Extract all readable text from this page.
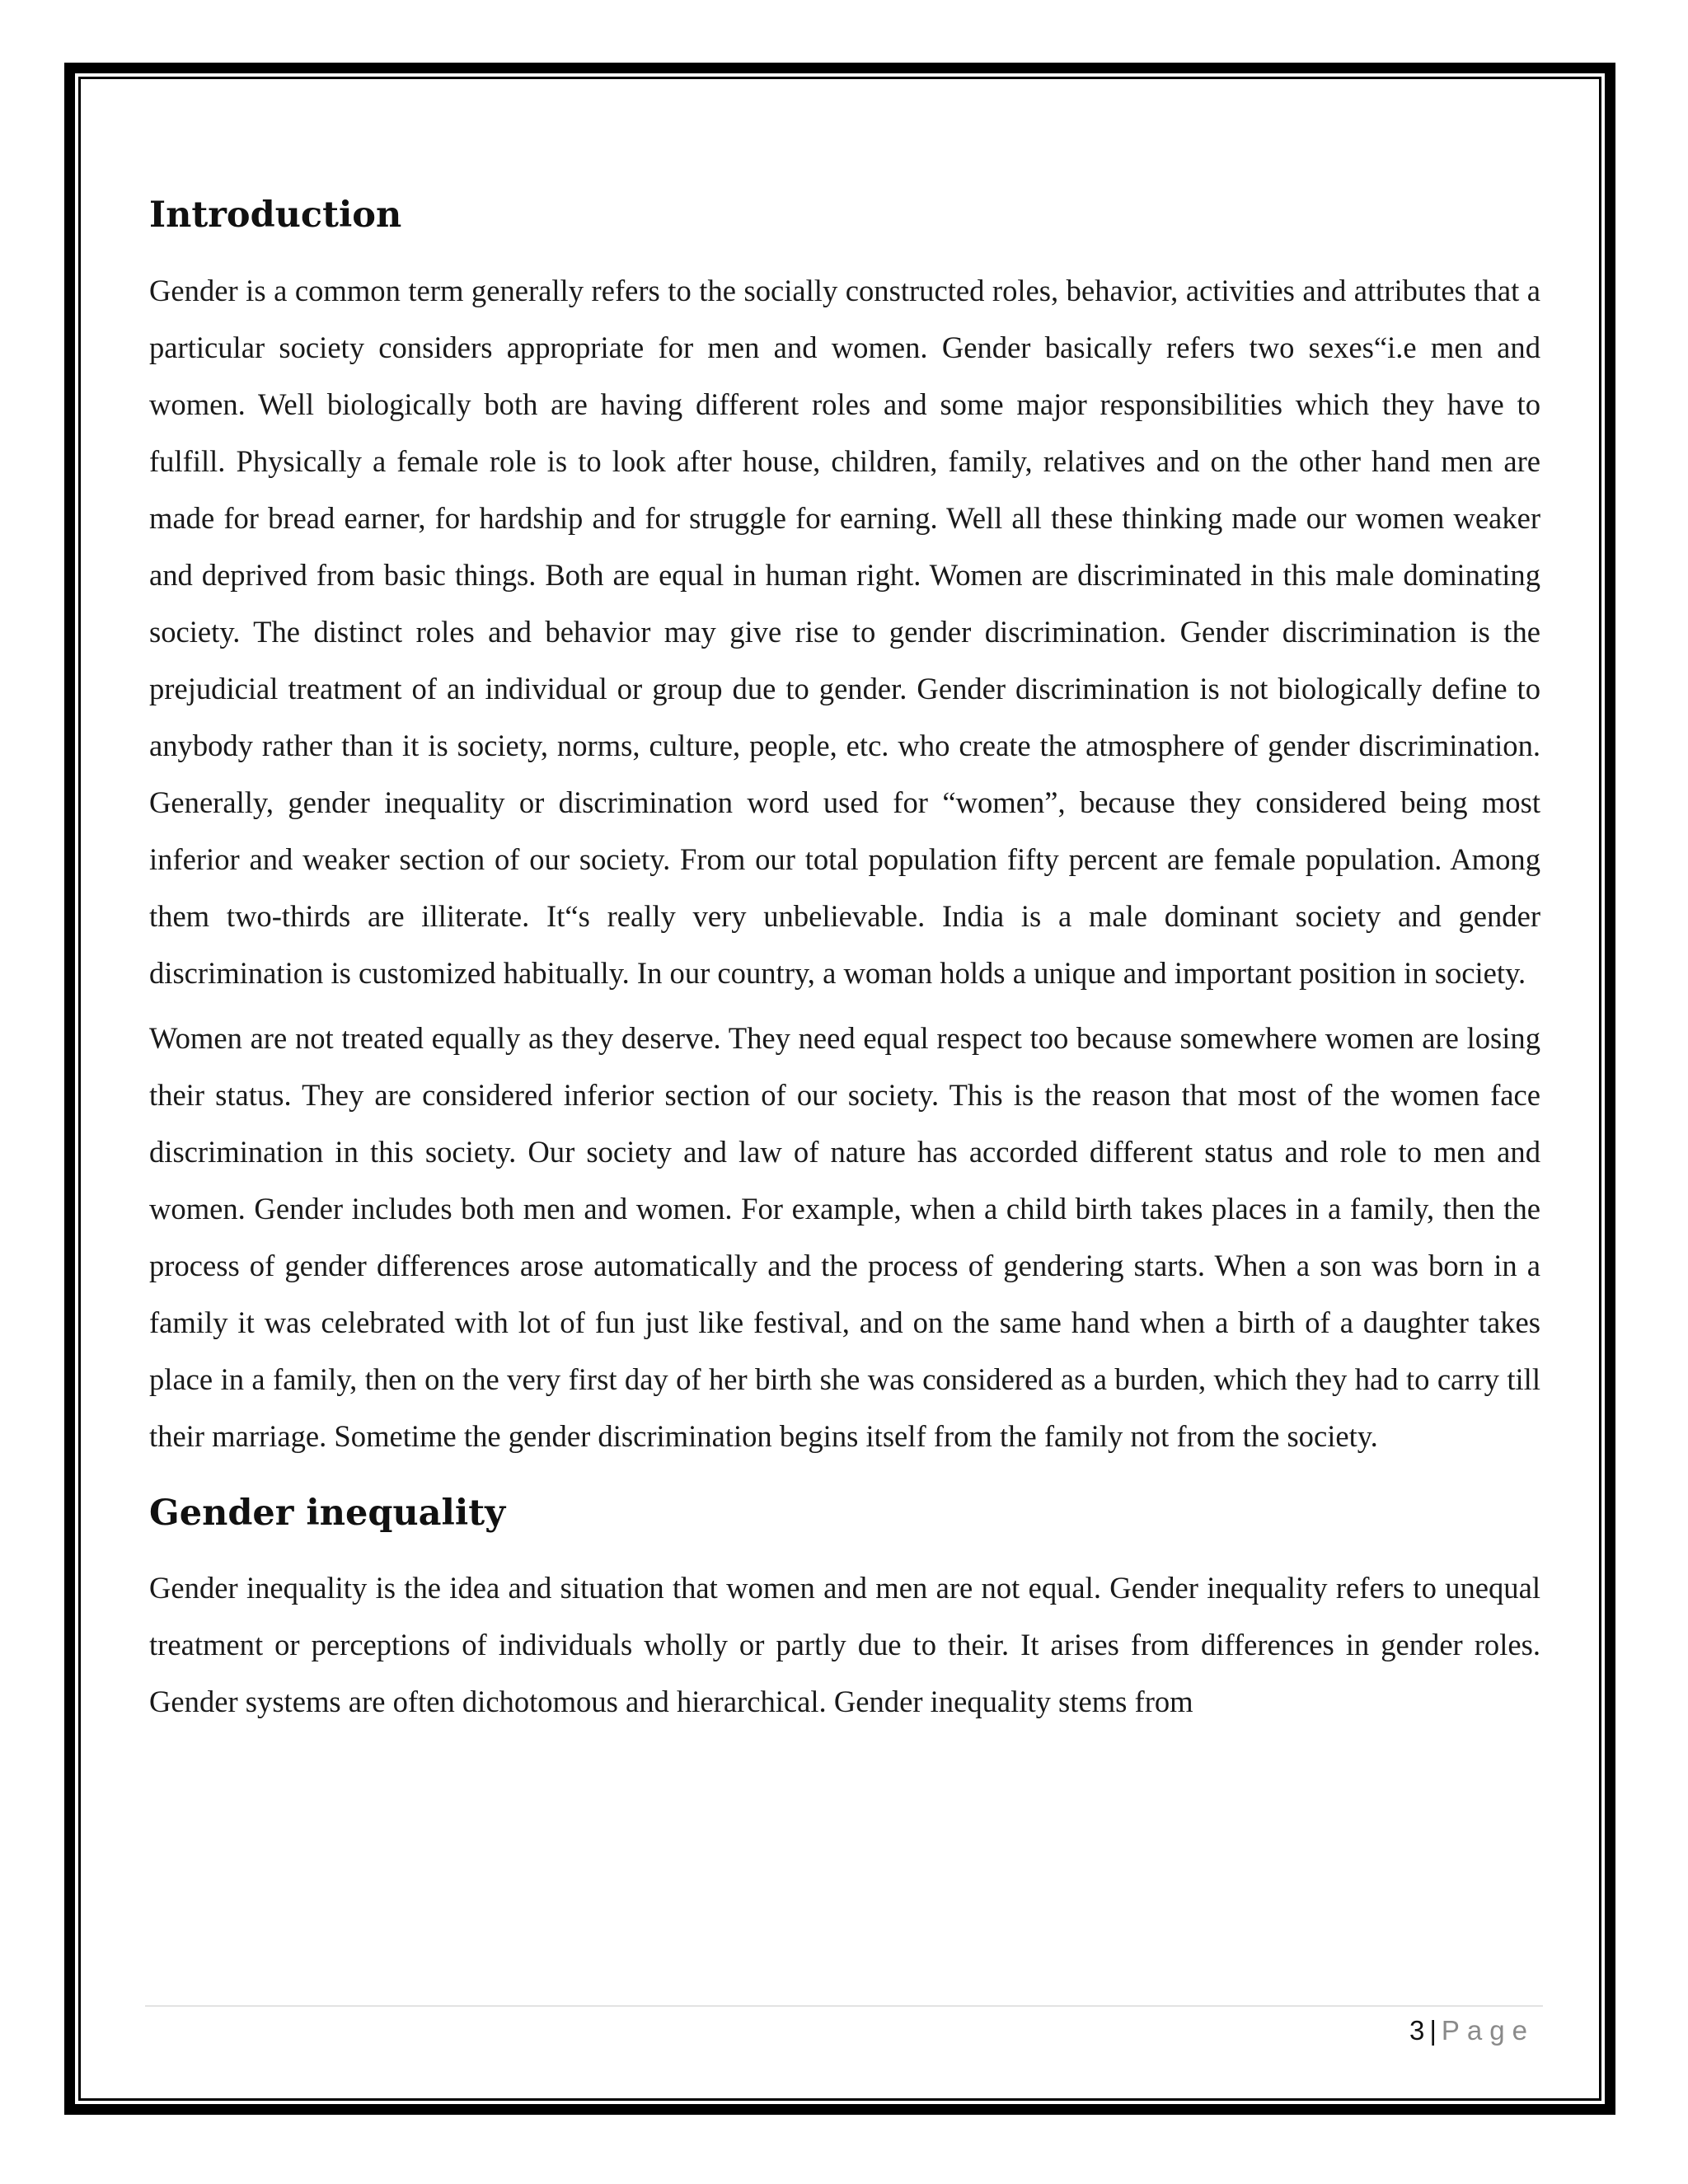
Introduction

Gender is a common term generally refers to the socially constructed roles, behavior, activities and attributes that a particular society considers appropriate for men and women. Gender basically refers two sexes“i.e men and women. Well biologically both are having different roles and some major responsibilities which they have to fulfill. Physically a female role is to look after house, children, family, relatives and on the other hand men are made for bread earner, for hardship and for struggle for earning. Well all these thinking made our women weaker and deprived from basic things. Both are equal in human right. Women are discriminated in this male dominating society. The distinct roles and behavior may give rise to gender discrimination. Gender discrimination is the prejudicial treatment of an individual or group due to gender. Gender discrimination is not biologically define to anybody rather than it is society, norms, culture, people, etc. who create the atmosphere of gender discrimination. Generally, gender inequality or discrimination word used for “women”, because they considered being most inferior and weaker section of our society. From our total population fifty percent are female population. Among them two-thirds are illiterate. It“s really very unbelievable. India is a male dominant society and gender discrimination is customized habitually. In our country, a woman holds a unique and important position in society.

Women are not treated equally as they deserve. They need equal respect too because somewhere women are losing their status. They are considered inferior section of our society. This is the reason that most of the women face discrimination in this society. Our society and law of nature has accorded different status and role to men and women. Gender includes both men and women. For example, when a child birth takes places in a family, then the process of gender differences arose automatically and the process of gendering starts. When a son was born in a family it was celebrated with lot of fun just like festival, and on the same hand when a birth of a daughter takes place in a family, then on the very first day of her birth she was considered as a burden, which they had to carry till their marriage. Sometime the gender discrimination begins itself from the family not from the society.

Gender inequality

Gender inequality is the idea and situation that women and men are not equal. Gender inequality refers to unequal treatment or perceptions of individuals wholly or partly due to their. It arises from differences in gender roles. Gender systems are often dichotomous and hierarchical. Gender inequality stems from

3 | Page
